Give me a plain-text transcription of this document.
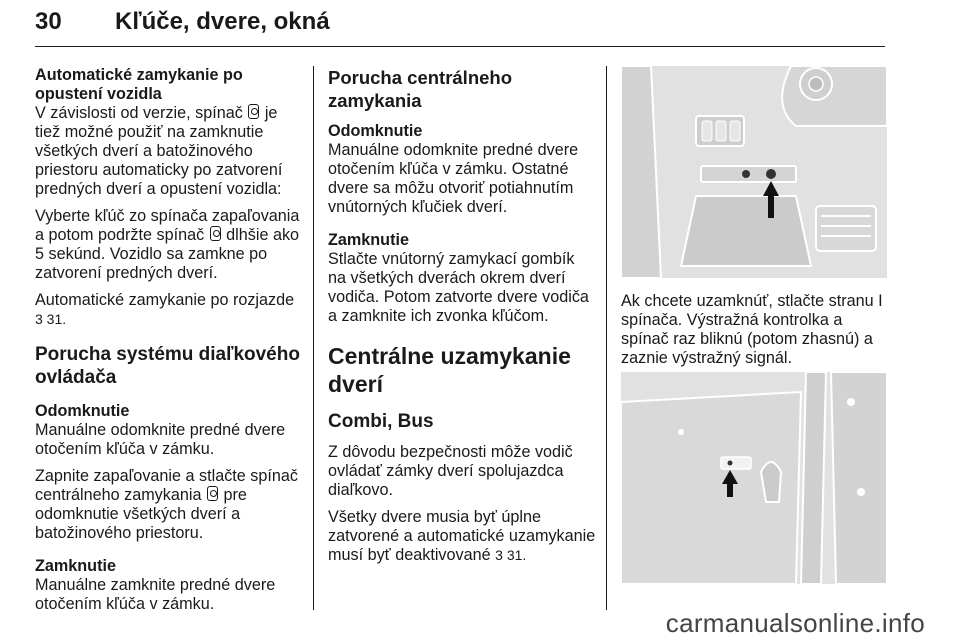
30 Kľúče, dvere, okná

Automatické zamykanie po opustení vozidla

V závislosti od verzie, spínač  je tiež možné použiť na zamknutie všetkých dverí a batožinového priestoru automaticky po zatvorení predných dverí a opustení vozidla:

Vyberte kľúč zo spínača zapaľovania a potom podržte spínač  dlhšie ako 5 sekúnd. Vozidlo sa zamkne po zatvorení predných dverí.

Automatické zamykanie po rozjazde
3 31.

Porucha systému diaľkového ovládača

Odomknutie

Manuálne odomknite predné dvere otočením kľúča v zámku.

Zapnite zapaľovanie a stlačte spínač centrálneho zamykania  pre odomknutie všetkých dverí a batožinového priestoru.

Zamknutie

Manuálne zamknite predné dvere otočením kľúča v zámku.

Porucha centrálneho zamykania

Odomknutie

Manuálne odomknite predné dvere otočením kľúča v zámku. Ostatné dvere sa môžu otvoriť potiahnutím vnútorných kľučiek dverí.

Zamknutie

Stlačte vnútorný zamykací gombík na všetkých dverách okrem dverí vodiča. Potom zatvorte dvere vodiča a zamknite ich zvonka kľúčom.

Centrálne uzamykanie dverí

Combi, Bus

Z dôvodu bezpečnosti môže vodič ovládať zámky dverí spolujazdca diaľkovo.

Všetky dvere musia byť úplne zatvorené a automatické uzamykanie musí byť deaktivované 3 31.

Ak chcete uzamknúť, stlačte stranu I spínača. Výstražná kontrolka a spínač raz bliknú (potom zhasnú) a zaznie výstražný signál.

carmanualsonline.info
